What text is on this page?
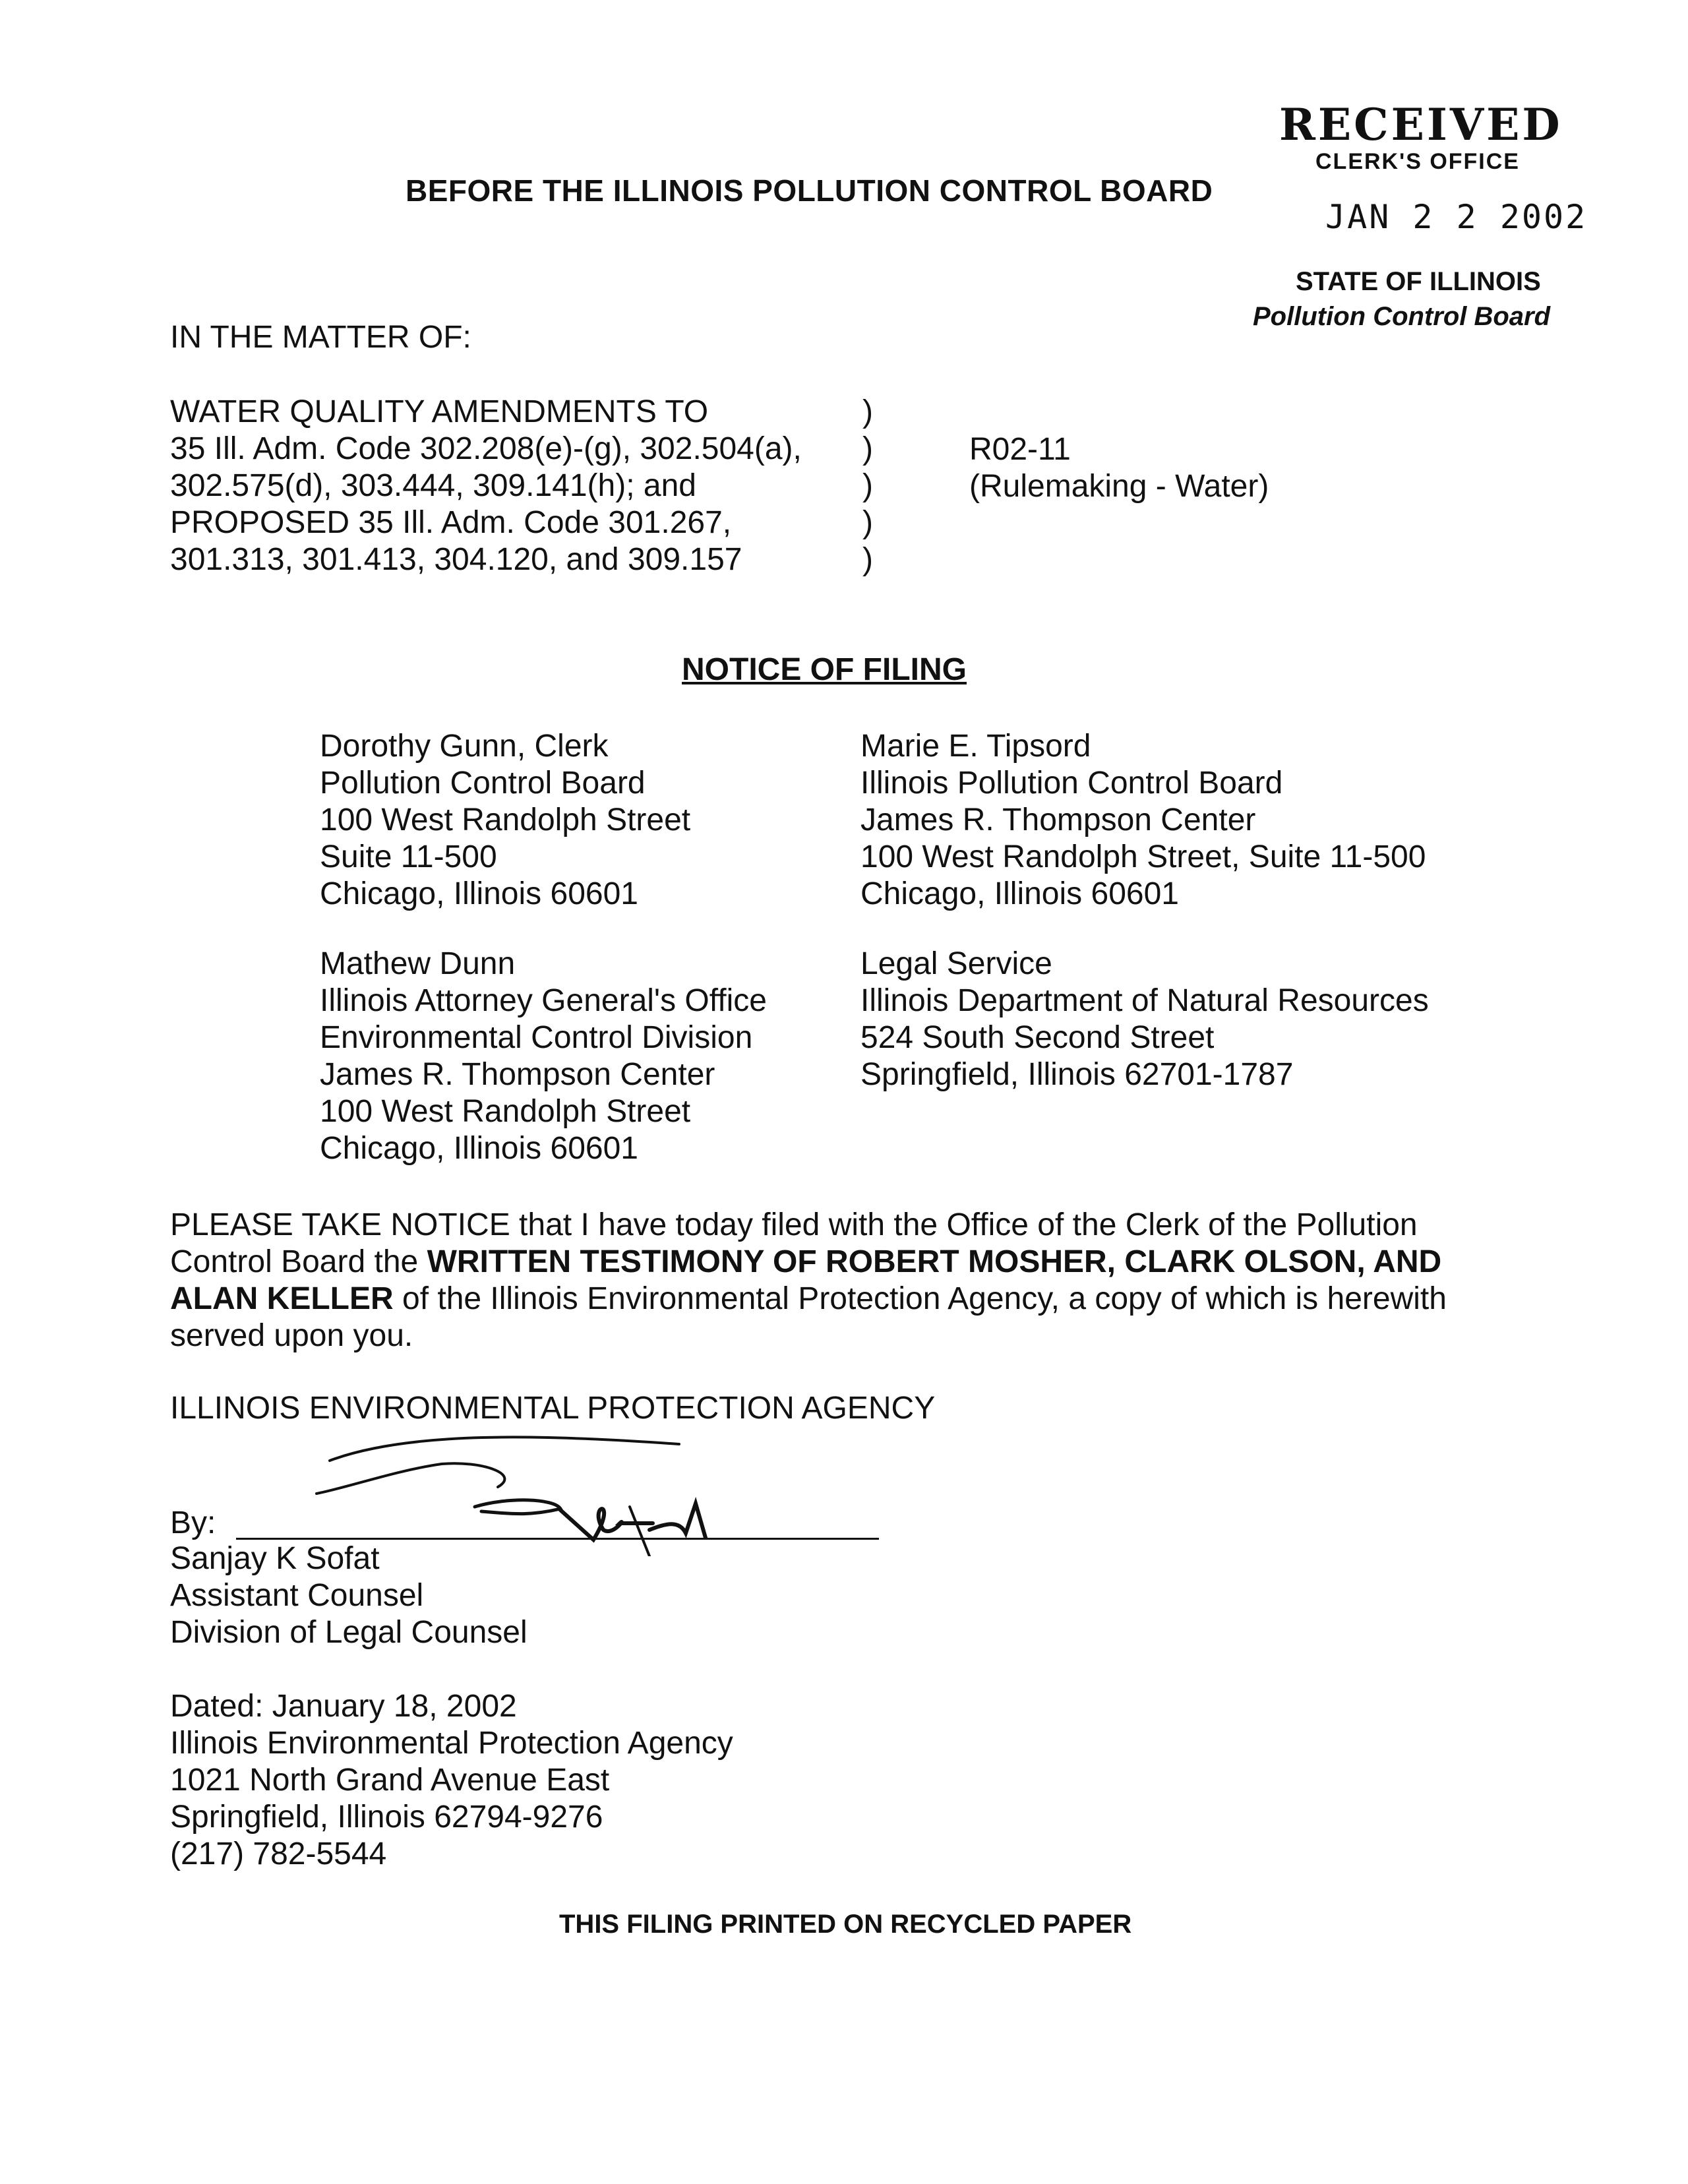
RECEIVED
CLERK'S OFFICE
JAN 2 2 2002
STATE OF ILLINOIS
Pollution Control Board
BEFORE THE ILLINOIS POLLUTION CONTROL BOARD
IN THE MATTER OF:
WATER QUALITY AMENDMENTS TO
35 Ill. Adm. Code 302.208(e)-(g), 302.504(a),
302.575(d), 303.444, 309.141(h); and
PROPOSED 35 Ill. Adm. Code 301.267,
301.313, 301.413, 304.120, and 309.157
)
)
)
)
)
R02-11
(Rulemaking - Water)
NOTICE OF FILING
Dorothy Gunn, Clerk
Pollution Control Board
100 West Randolph Street
Suite 11-500
Chicago, Illinois 60601
Marie E. Tipsord
Illinois Pollution Control Board
James R. Thompson Center
100 West Randolph Street, Suite 11-500
Chicago, Illinois 60601
Mathew Dunn
Illinois Attorney General's Office
Environmental Control Division
James R. Thompson Center
100 West Randolph Street
Chicago, Illinois 60601
Legal Service
Illinois Department of Natural Resources
524 South Second Street
Springfield, Illinois 62701-1787
PLEASE TAKE NOTICE that I have today filed with the Office of the Clerk of the Pollution
Control Board the WRITTEN TESTIMONY OF ROBERT MOSHER, CLARK OLSON, AND
ALAN KELLER of the Illinois Environmental Protection Agency, a copy of which is herewith
served upon you.
ILLINOIS ENVIRONMENTAL PROTECTION AGENCY
By:
Sanjay K Sofat
Assistant Counsel
Division of Legal Counsel
Dated: January 18, 2002
Illinois Environmental Protection Agency
1021 North Grand Avenue East
Springfield, Illinois 62794-9276
(217) 782-5544
THIS FILING PRINTED ON RECYCLED PAPER
